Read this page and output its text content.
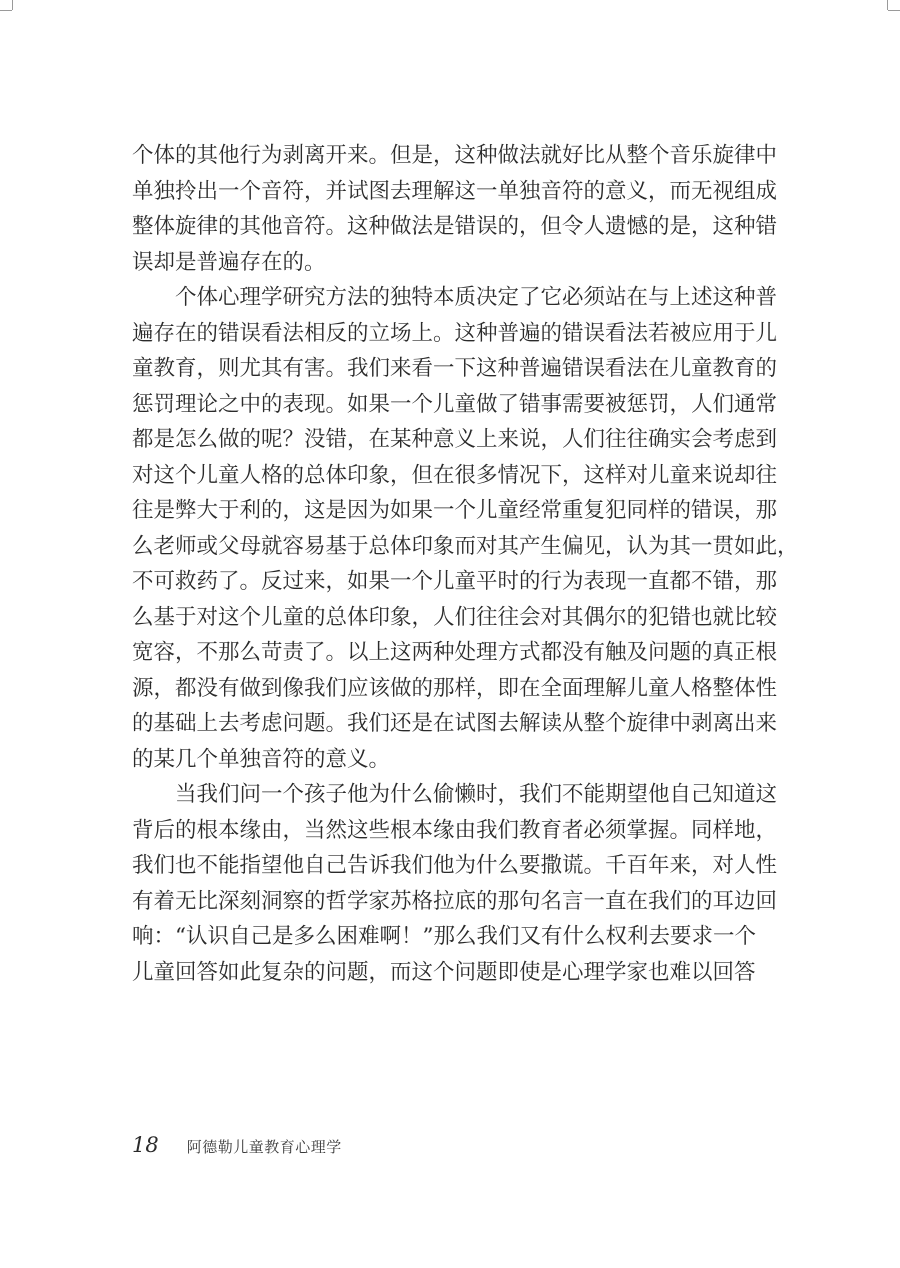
个体的其他行为剥离开来。但是，这种做法就好比从整个音乐旋律中
单独拎出一个音符，并试图去理解这一单独音符的意义，而无视组成
整体旋律的其他音符。这种做法是错误的，但令人遗憾的是，这种错
误却是普遍存在的。
个体心理学研究方法的独特本质决定了它必须站在与上述这种普
遍存在的错误看法相反的立场上。这种普遍的错误看法若被应用于儿
童教育，则尤其有害。我们来看一下这种普遍错误看法在儿童教育的
惩罚理论之中的表现。如果一个儿童做了错事需要被惩罚，人们通常
都是怎么做的呢？没错，在某种意义上来说，人们往往确实会考虑到
对这个儿童人格的总体印象，但在很多情况下，这样对儿童来说却往
往是弊大于利的，这是因为如果一个儿童经常重复犯同样的错误，那
么老师或父母就容易基于总体印象而对其产生偏见，认为其一贯如此，
不可救药了。反过来，如果一个儿童平时的行为表现一直都不错，那
么基于对这个儿童的总体印象，人们往往会对其偶尔的犯错也就比较
宽容，不那么苛责了。以上这两种处理方式都没有触及问题的真正根
源，都没有做到像我们应该做的那样，即在全面理解儿童人格整体性
的基础上去考虑问题。我们还是在试图去解读从整个旋律中剥离出来
的某几个单独音符的意义。
当我们问一个孩子他为什么偷懒时，我们不能期望他自己知道这
背后的根本缘由，当然这些根本缘由我们教育者必须掌握。同样地，
我们也不能指望他自己告诉我们他为什么要撒谎。千百年来，对人性
有着无比深刻洞察的哲学家苏格拉底的那句名言一直在我们的耳边回
响：“认识自己是多么困难啊！”那么我们又有什么权利去要求一个
儿童回答如此复杂的问题，而这个问题即使是心理学家也难以回答
18 阿德勒儿童教育心理学
